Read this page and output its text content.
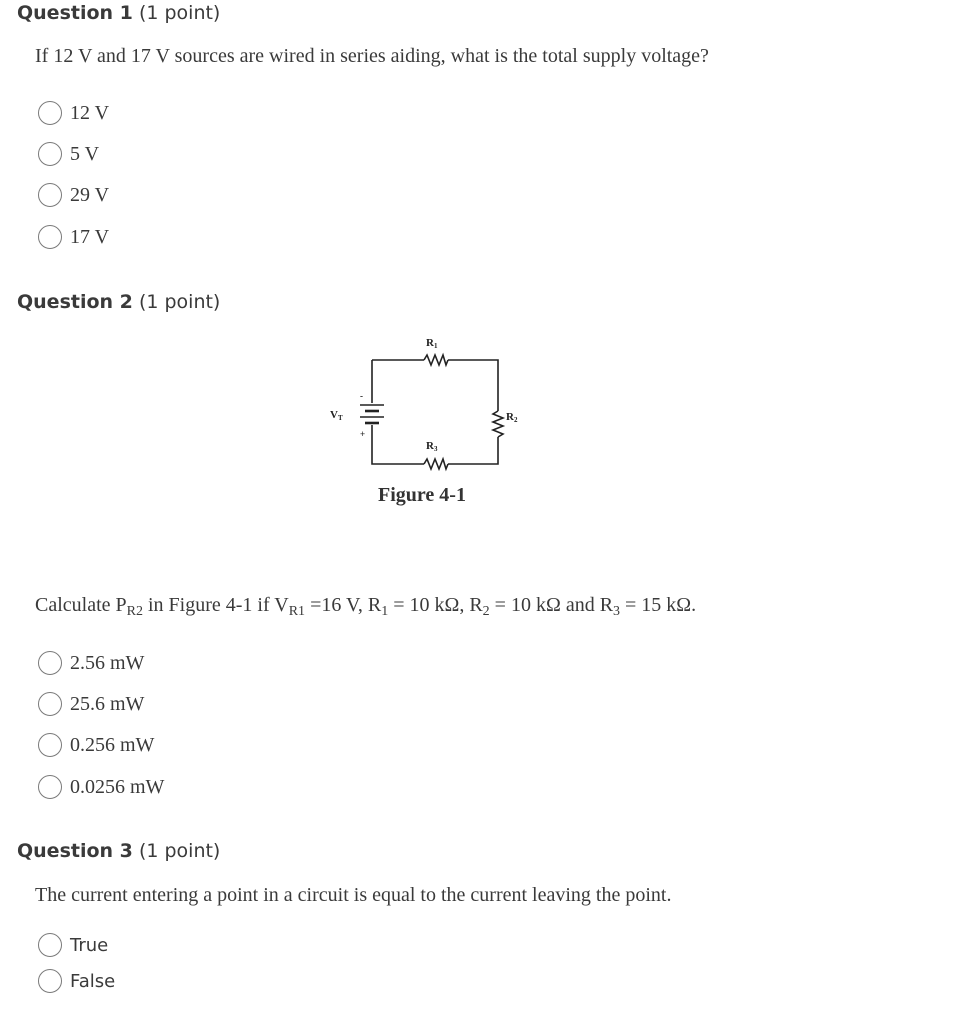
Question 1 (1 point)
If 12 V and 17 V sources are wired in series aiding, what is the total supply voltage?
12 V
5 V
29 V
17 V
Question 2 (1 point)
R1
R2
R3
VT
-
+
Figure 4-1
Calculate $P_{R2}$ in Figure 4-1 if $V_{R1} =16$ V, $R_1 = 10$ kΩ, $R_2 = 10$ kΩ and $R_3 = 15$ kΩ.
2.56 mW
25.6 mW
0.256 mW
0.0256 mW
Question 3 (1 point)
The current entering a point in a circuit is equal to the current leaving the point.
True
False
